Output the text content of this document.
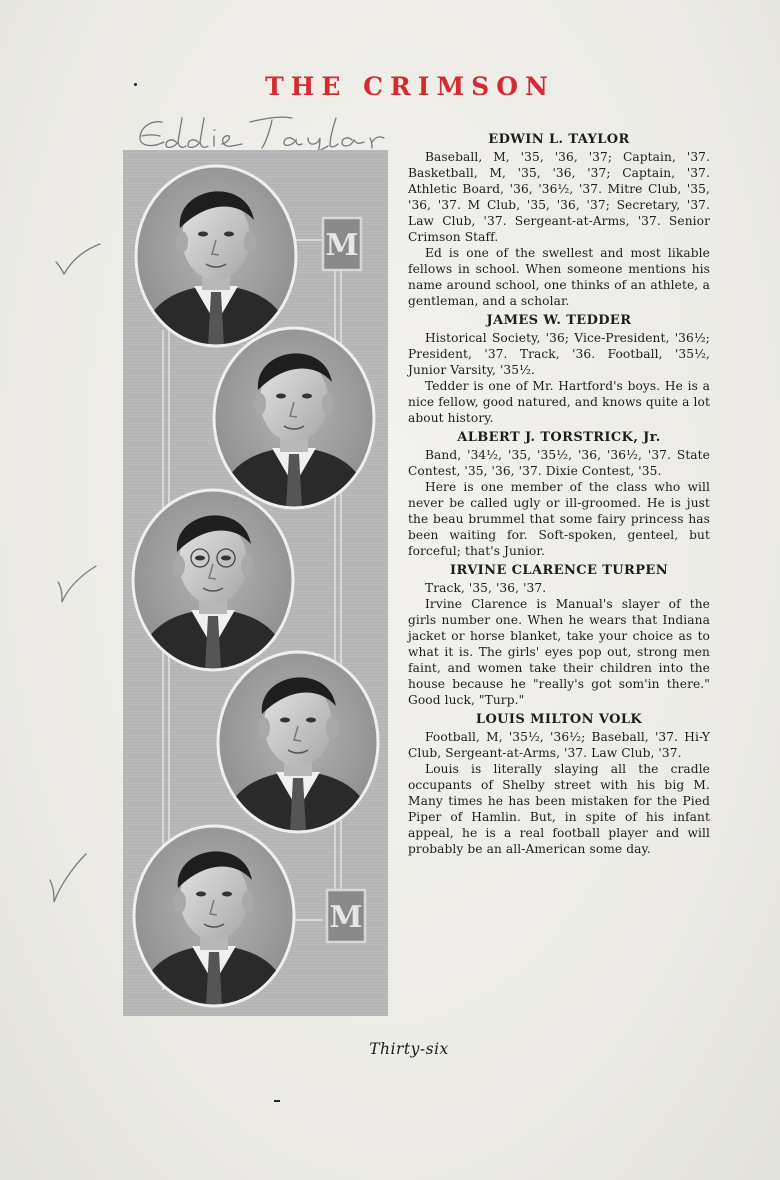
THE CRIMSON
M
M
EDWIN L. TAYLOR

Baseball, M, '35, '36, '37; Captain, '37. Basketball, M, '35, '36, '37; Captain, '37. Athletic Board, '36, '36½, '37. Mitre Club, '35, '36, '37. M Club, '35, '36, '37; Secretary, '37. Law Club, '37. Sergeant-at-Arms, '37. Senior Crimson Staff.

Ed is one of the swellest and most likable fellows in school. When someone mentions his name around school, one thinks of an athlete, a gentleman, and a scholar.

JAMES W. TEDDER

Historical Society, '36; Vice-President, '36½; President, '37. Track, '36. Football, '35½, Junior Varsity, '35½.

Tedder is one of Mr. Hartford's boys. He is a nice fellow, good natured, and knows quite a lot about history.

ALBERT J. TORSTRICK, Jr.

Band, '34½, '35, '35½, '36, '36½, '37. State Contest, '35, '36, '37. Dixie Contest, '35.

Here is one member of the class who will never be called ugly or ill-groomed. He is just the beau brummel that some fairy princess has been waiting for. Soft-spoken, genteel, but forceful; that's Junior.

IRVINE CLARENCE TURPEN

Track, '35, '36, '37.

Irvine Clarence is Manual's slayer of the girls number one. When he wears that Indiana jacket or horse blanket, take your choice as to what it is. The girls' eyes pop out, strong men faint, and women take their children into the house because he "really's got som'in there." Good luck, "Turp."

LOUIS MILTON VOLK

Football, M, '35½, '36½; Baseball, '37. Hi-Y Club, Sergeant-at-Arms, '37. Law Club, '37.

Louis is literally slaying all the cradle occupants of Shelby street with his big M. Many times he has been mistaken for the Pied Piper of Hamlin. But, in spite of his infant appeal, he is a real football player and will probably be an all-American some day.

Thirty-six
